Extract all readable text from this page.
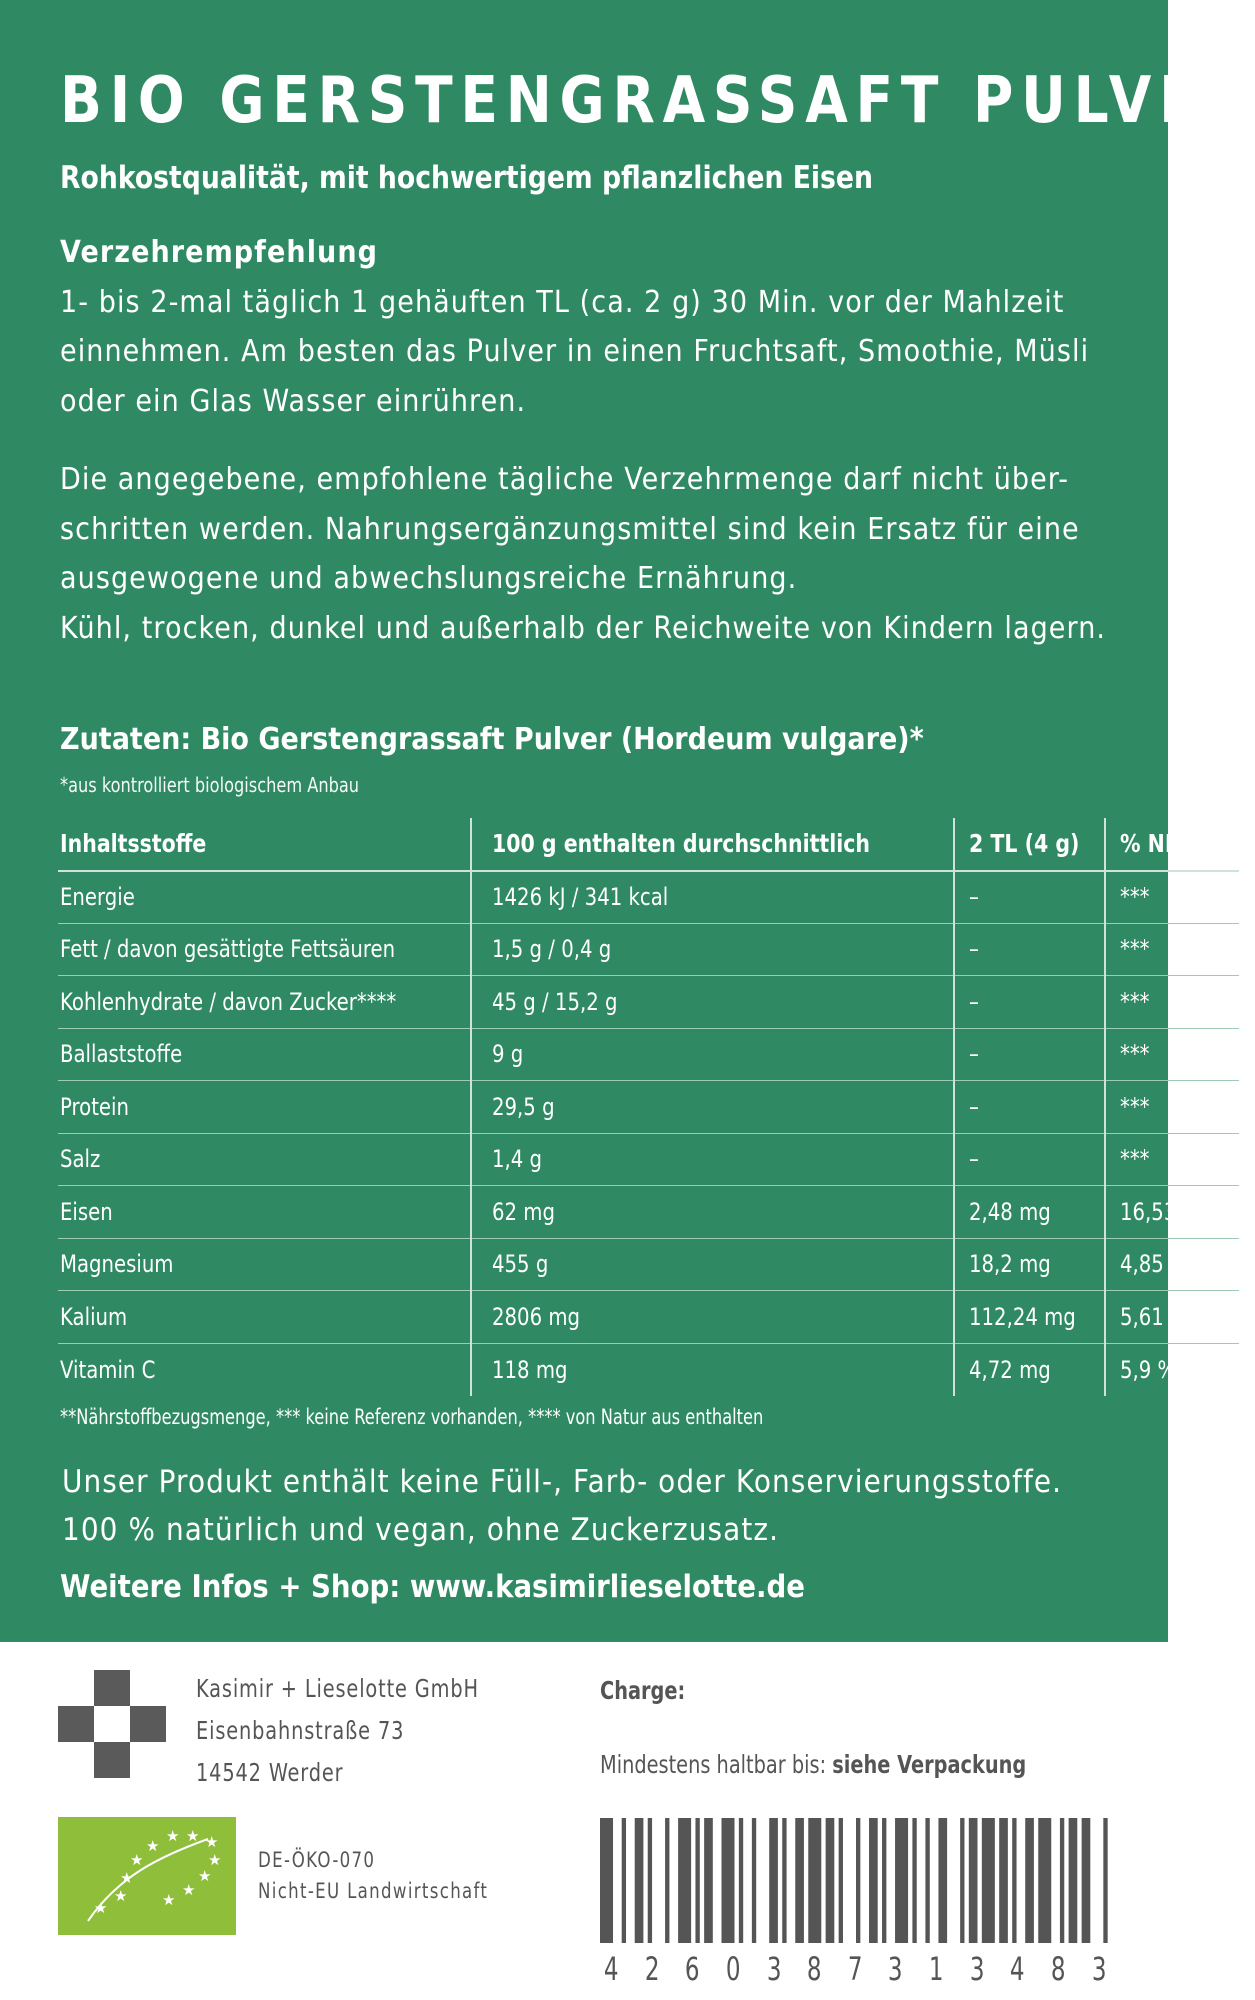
BIO GERSTENGRASSAFT PULVER
Rohkostqualität, mit hochwertigem pflanzlichen Eisen

Verzehrempfehlung

1- bis 2-mal täglich 1 gehäuften TL (ca. 2 g) 30 Min. vor der Mahlzeit

einnehmen. Am besten das Pulver in einen Fruchtsaft, Smoothie, Müsli

oder ein Glas Wasser einrühren.

Die angegebene, empfohlene tägliche Verzehrmenge darf nicht über-

schritten werden. Nahrungsergänzungsmittel sind kein Ersatz für eine

ausgewogene und abwechslungsreiche Ernährung.

Kühl, trocken, dunkel und außerhalb der Reichweite von Kindern lagern.

Zutaten: Bio Gerstengrassaft Pulver (Hordeum vulgare)*
*aus kontrolliert biologischem Anbau
Inhaltsstoffe	100 g enthalten durchschnittlich	2 TL (4 g)	% NRV**
Energie	1426 kJ / 341 kcal	–	***
Fett / davon gesättigte Fettsäuren	1,5 g / 0,4 g	–	***
Kohlenhydrate / davon Zucker****	45 g / 15,2 g	–	***
Ballaststoffe	9 g	–	***
Protein	29,5 g	–	***
Salz	1,4 g	–	***
Eisen	62 mg	2,48 mg	16,53 %
Magnesium	455 g	18,2 mg	4,85 %
Kalium	2806 mg	112,24 mg	5,61 %
Vitamin C	118 mg	4,72 mg	5,9 %
**Nährstoffbezugsmenge, *** keine Referenz vorhanden, **** von Natur aus enthalten

Unser Produkt enthält keine Füll-, Farb- oder Konservierungsstoffe.

100 % natürlich und vegan, ohne Zuckerzusatz.

Weitere Infos + Shop: www.kasimirlieselotte.de

Kasimir + Lieselotte GmbH

Eisenbahnstraße 73

14542 Werder

Charge:
Mindestens haltbar bis: siehe Verpackung
★ ★ ★
★
★
★
★
★
★
★ ★
★

DE-ÖKO-070

Nicht-EU Landwirtschaft

4 2 6 0 3 8 7 3 1 3 4 8 3
